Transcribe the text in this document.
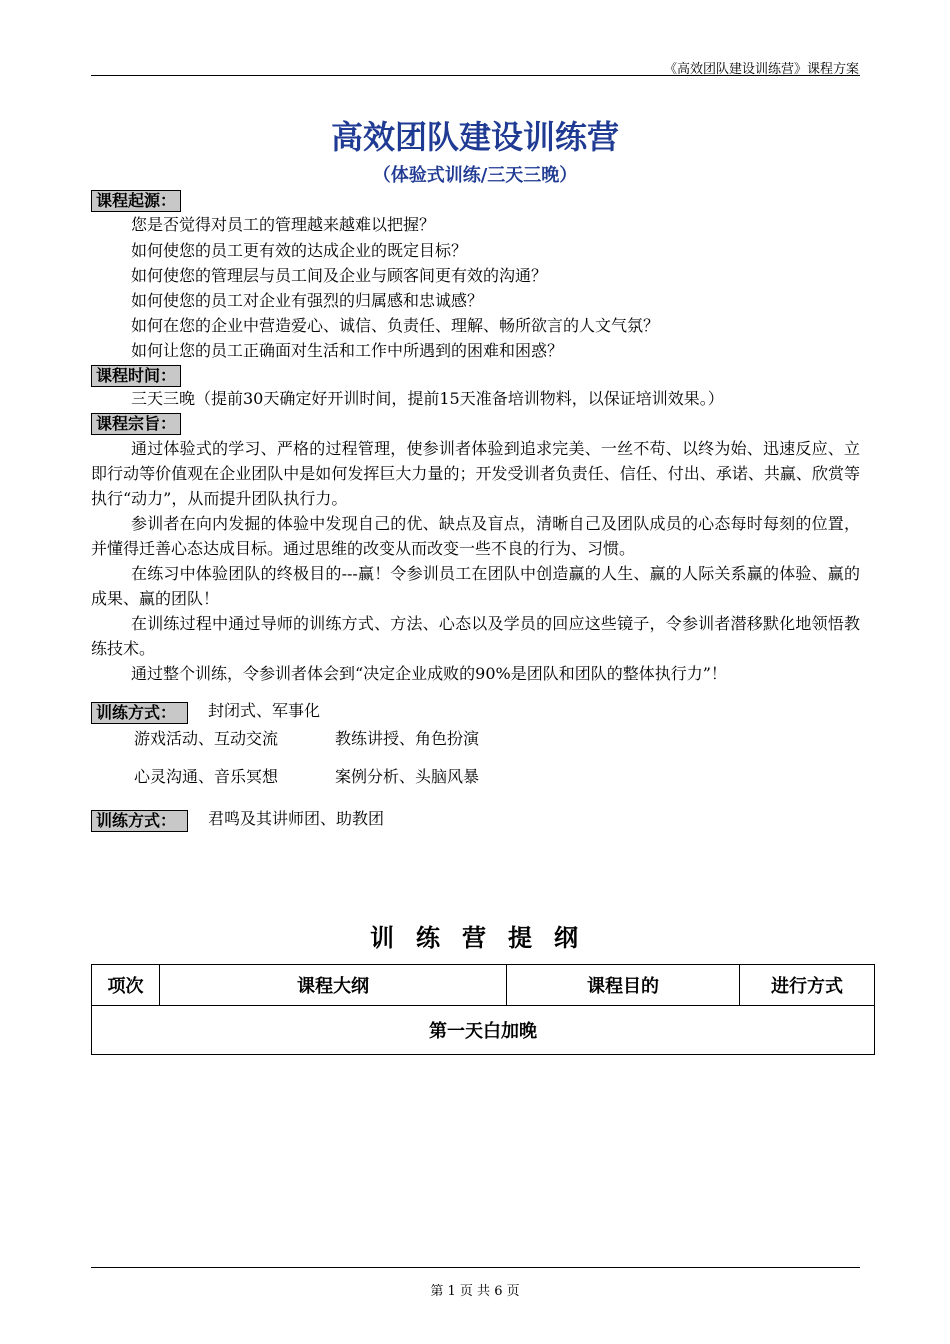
《高效团队建设训练营》课程方案
高效团队建设训练营
（体验式训练/三天三晚）
课程起源：
您是否觉得对员工的管理越来越难以把握？
如何使您的员工更有效的达成企业的既定目标？
如何使您的管理层与员工间及企业与顾客间更有效的沟通？
如何使您的员工对企业有强烈的归属感和忠诚感？
如何在您的企业中营造爱心、诚信、负责任、理解、畅所欲言的人文气氛？
如何让您的员工正确面对生活和工作中所遇到的困难和困惑？
课程时间：
三天三晚（提前30天确定好开训时间，提前15天准备培训物料，以保证培训效果。）
课程宗旨：
通过体验式的学习、严格的过程管理，使参训者体验到追求完美、一丝不苟、以终为始、迅速反应、立即行动等价值观在企业团队中是如何发挥巨大力量的；开发受训者负责任、信任、付出、承诺、共赢、欣赏等执行“动力”，从而提升团队执行力。
参训者在向内发掘的体验中发现自己的优、缺点及盲点，清晰自己及团队成员的心态每时每刻的位置，并懂得迁善心态达成目标。通过思维的改变从而改变一些不良的行为、习惯。
在练习中体验团队的终极目的---赢！令参训员工在团队中创造赢的人生、赢的人际关系赢的体验、赢的成果、赢的团队！
在训练过程中通过导师的训练方式、方法、心态以及学员的回应这些镜子，令参训者潜移默化地领悟教练技术。
通过整个训练，令参训者体会到“决定企业成败的90%是团队和团队的整体执行力”！
训练方式：	封闭式、军事化
游戏活动、互动交流	教练讲授、角色扮演
心灵沟通、音乐冥想	案例分析、头脑风暴
训练方式：	君鸣及其讲师团、助教团
训 练 营 提 纲
项次	课程大纲	课程目的	进行方式
第一天白加晚
第 1 页 共 6 页
